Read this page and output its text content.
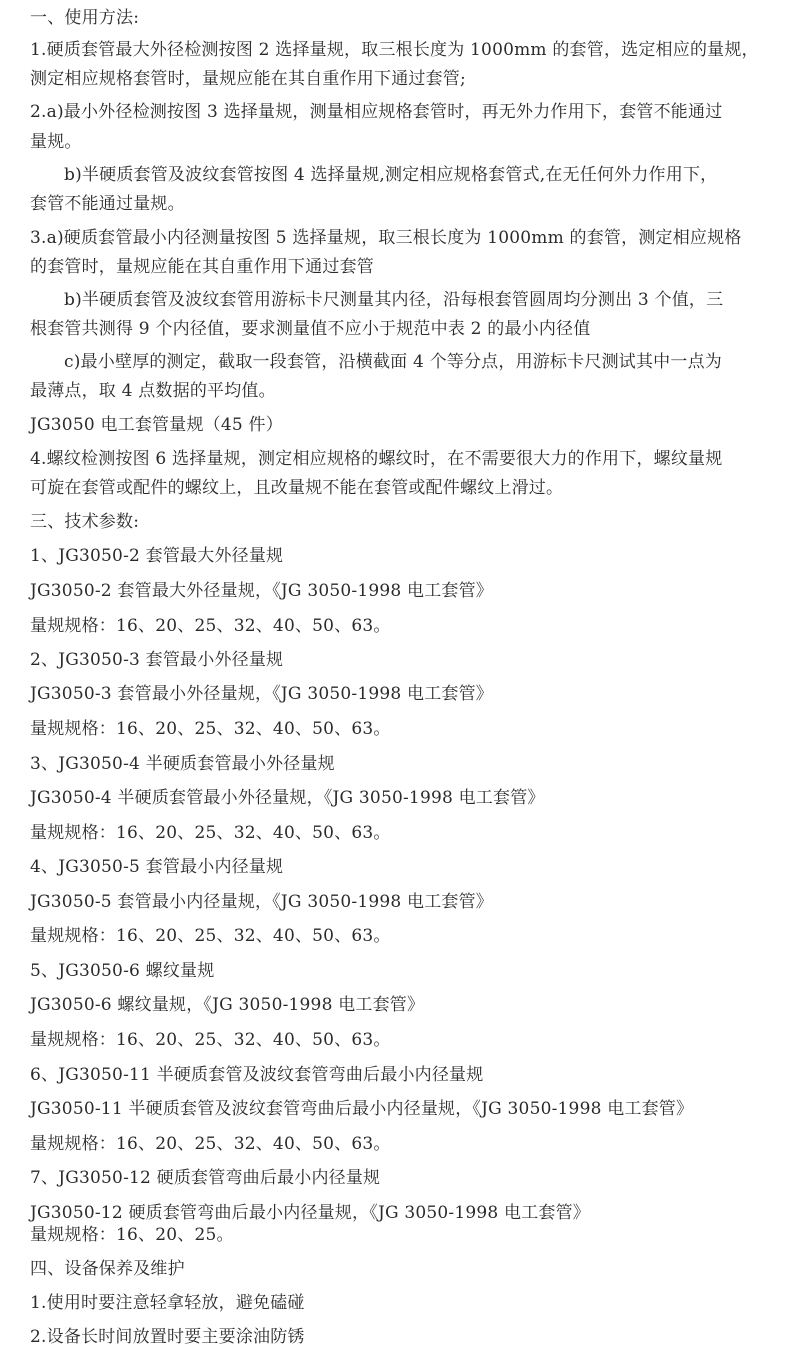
一、使用方法:
1.硬质套管最大外径检测按图 2 选择量规，取三根长度为 1000mm 的套管，选定相应的量规，
测定相应规格套管时，量规应能在其自重作用下通过套管;
2.a)最小外径检测按图 3 选择量规，测量相应规格套管时，再无外力作用下，套管不能通过
量规。
b)半硬质套管及波纹套管按图 4 选择量规,测定相应规格套管式,在无任何外力作用下，
套管不能通过量规。
3.a)硬质套管最小内径测量按图 5 选择量规，取三根长度为 1000mm 的套管，测定相应规格
的套管时，量规应能在其自重作用下通过套管
b)半硬质套管及波纹套管用游标卡尺测量其内径，沿每根套管圆周均分测出 3 个值，三
根套管共测得 9 个内径值，要求测量值不应小于规范中表 2 的最小内径值
c)最小壁厚的测定，截取一段套管，沿横截面 4 个等分点，用游标卡尺测试其中一点为
最薄点，取 4 点数据的平均值。
JG3050 电工套管量规（45 件）
4.螺纹检测按图 6 选择量规，测定相应规格的螺纹时，在不需要很大力的作用下，螺纹量规
可旋在套管或配件的螺纹上，且改量规不能在套管或配件螺纹上滑过。
三、技术参数:
1、JG3050-2 套管最大外径量规
JG3050-2 套管最大外径量规，《JG 3050-1998 电工套管》
量规规格：16、20、25、32、40、50、63。
2、JG3050-3 套管最小外径量规
JG3050-3 套管最小外径量规，《JG 3050-1998 电工套管》
量规规格：16、20、25、32、40、50、63。
3、JG3050-4 半硬质套管最小外径量规
JG3050-4 半硬质套管最小外径量规，《JG 3050-1998 电工套管》
量规规格：16、20、25、32、40、50、63。
4、JG3050-5 套管最小内径量规
JG3050-5 套管最小内径量规，《JG 3050-1998 电工套管》
量规规格：16、20、25、32、40、50、63。
5、JG3050-6 螺纹量规
JG3050-6 螺纹量规，《JG 3050-1998 电工套管》
量规规格：16、20、25、32、40、50、63。
6、JG3050-11 半硬质套管及波纹套管弯曲后最小内径量规
JG3050-11 半硬质套管及波纹套管弯曲后最小内径量规，《JG 3050-1998 电工套管》
量规规格：16、20、25、32、40、50、63。
7、JG3050-12 硬质套管弯曲后最小内径量规
JG3050-12 硬质套管弯曲后最小内径量规，《JG 3050-1998 电工套管》
量规规格：16、20、25。
四、设备保养及维护
1.使用时要注意轻拿轻放，避免磕碰
2.设备长时间放置时要主要涂油防锈
